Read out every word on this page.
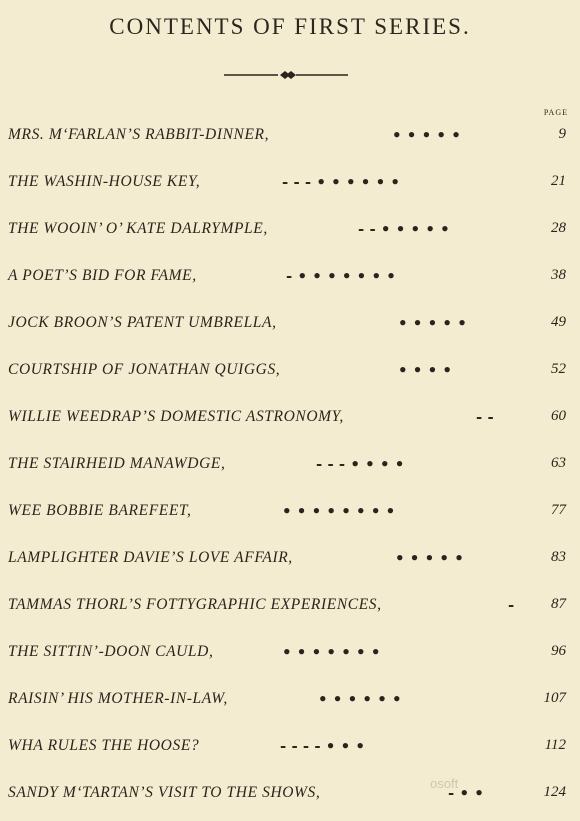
CONTENTS OF FIRST SERIES.
PAGE
MRS. M‘FARLAN’S RABBIT-DINNER,	• • • • •	9
THE WASHIN-HOUSE KEY,	- - - • • • • • •	21
THE WOOIN’ O’ KATE DALRYMPLE,	- - • • • • •	28
A POET’S BID FOR FAME,	- • • • • • • •	38
JOCK BROON’S PATENT UMBRELLA,	• • • • •	49
COURTSHIP OF JONATHAN QUIGGS,	• • • •	52
WILLIE WEEDRAP’S DOMESTIC ASTRONOMY,	- -	60
THE STAIRHEID MANAWDGE,	- - - • • • •	63
WEE BOBBIE BAREFEET,	• • • • • • • •	77
LAMPLIGHTER DAVIE’S LOVE AFFAIR,	• • • • •	83
TAMMAS THORL’S FOTTYGRAPHIC EXPERIENCES,	- 87
THE SITTIN’-DOON CAULD,	• • • • • • •	96
RAISIN’ HIS MOTHER-IN-LAW,	• • • • • •	107
WHA RULES THE HOOSE?	- - - - • • •	112
SANDY M‘TARTAN’S VISIT TO THE SHOWS,	- • •	124
osoft
